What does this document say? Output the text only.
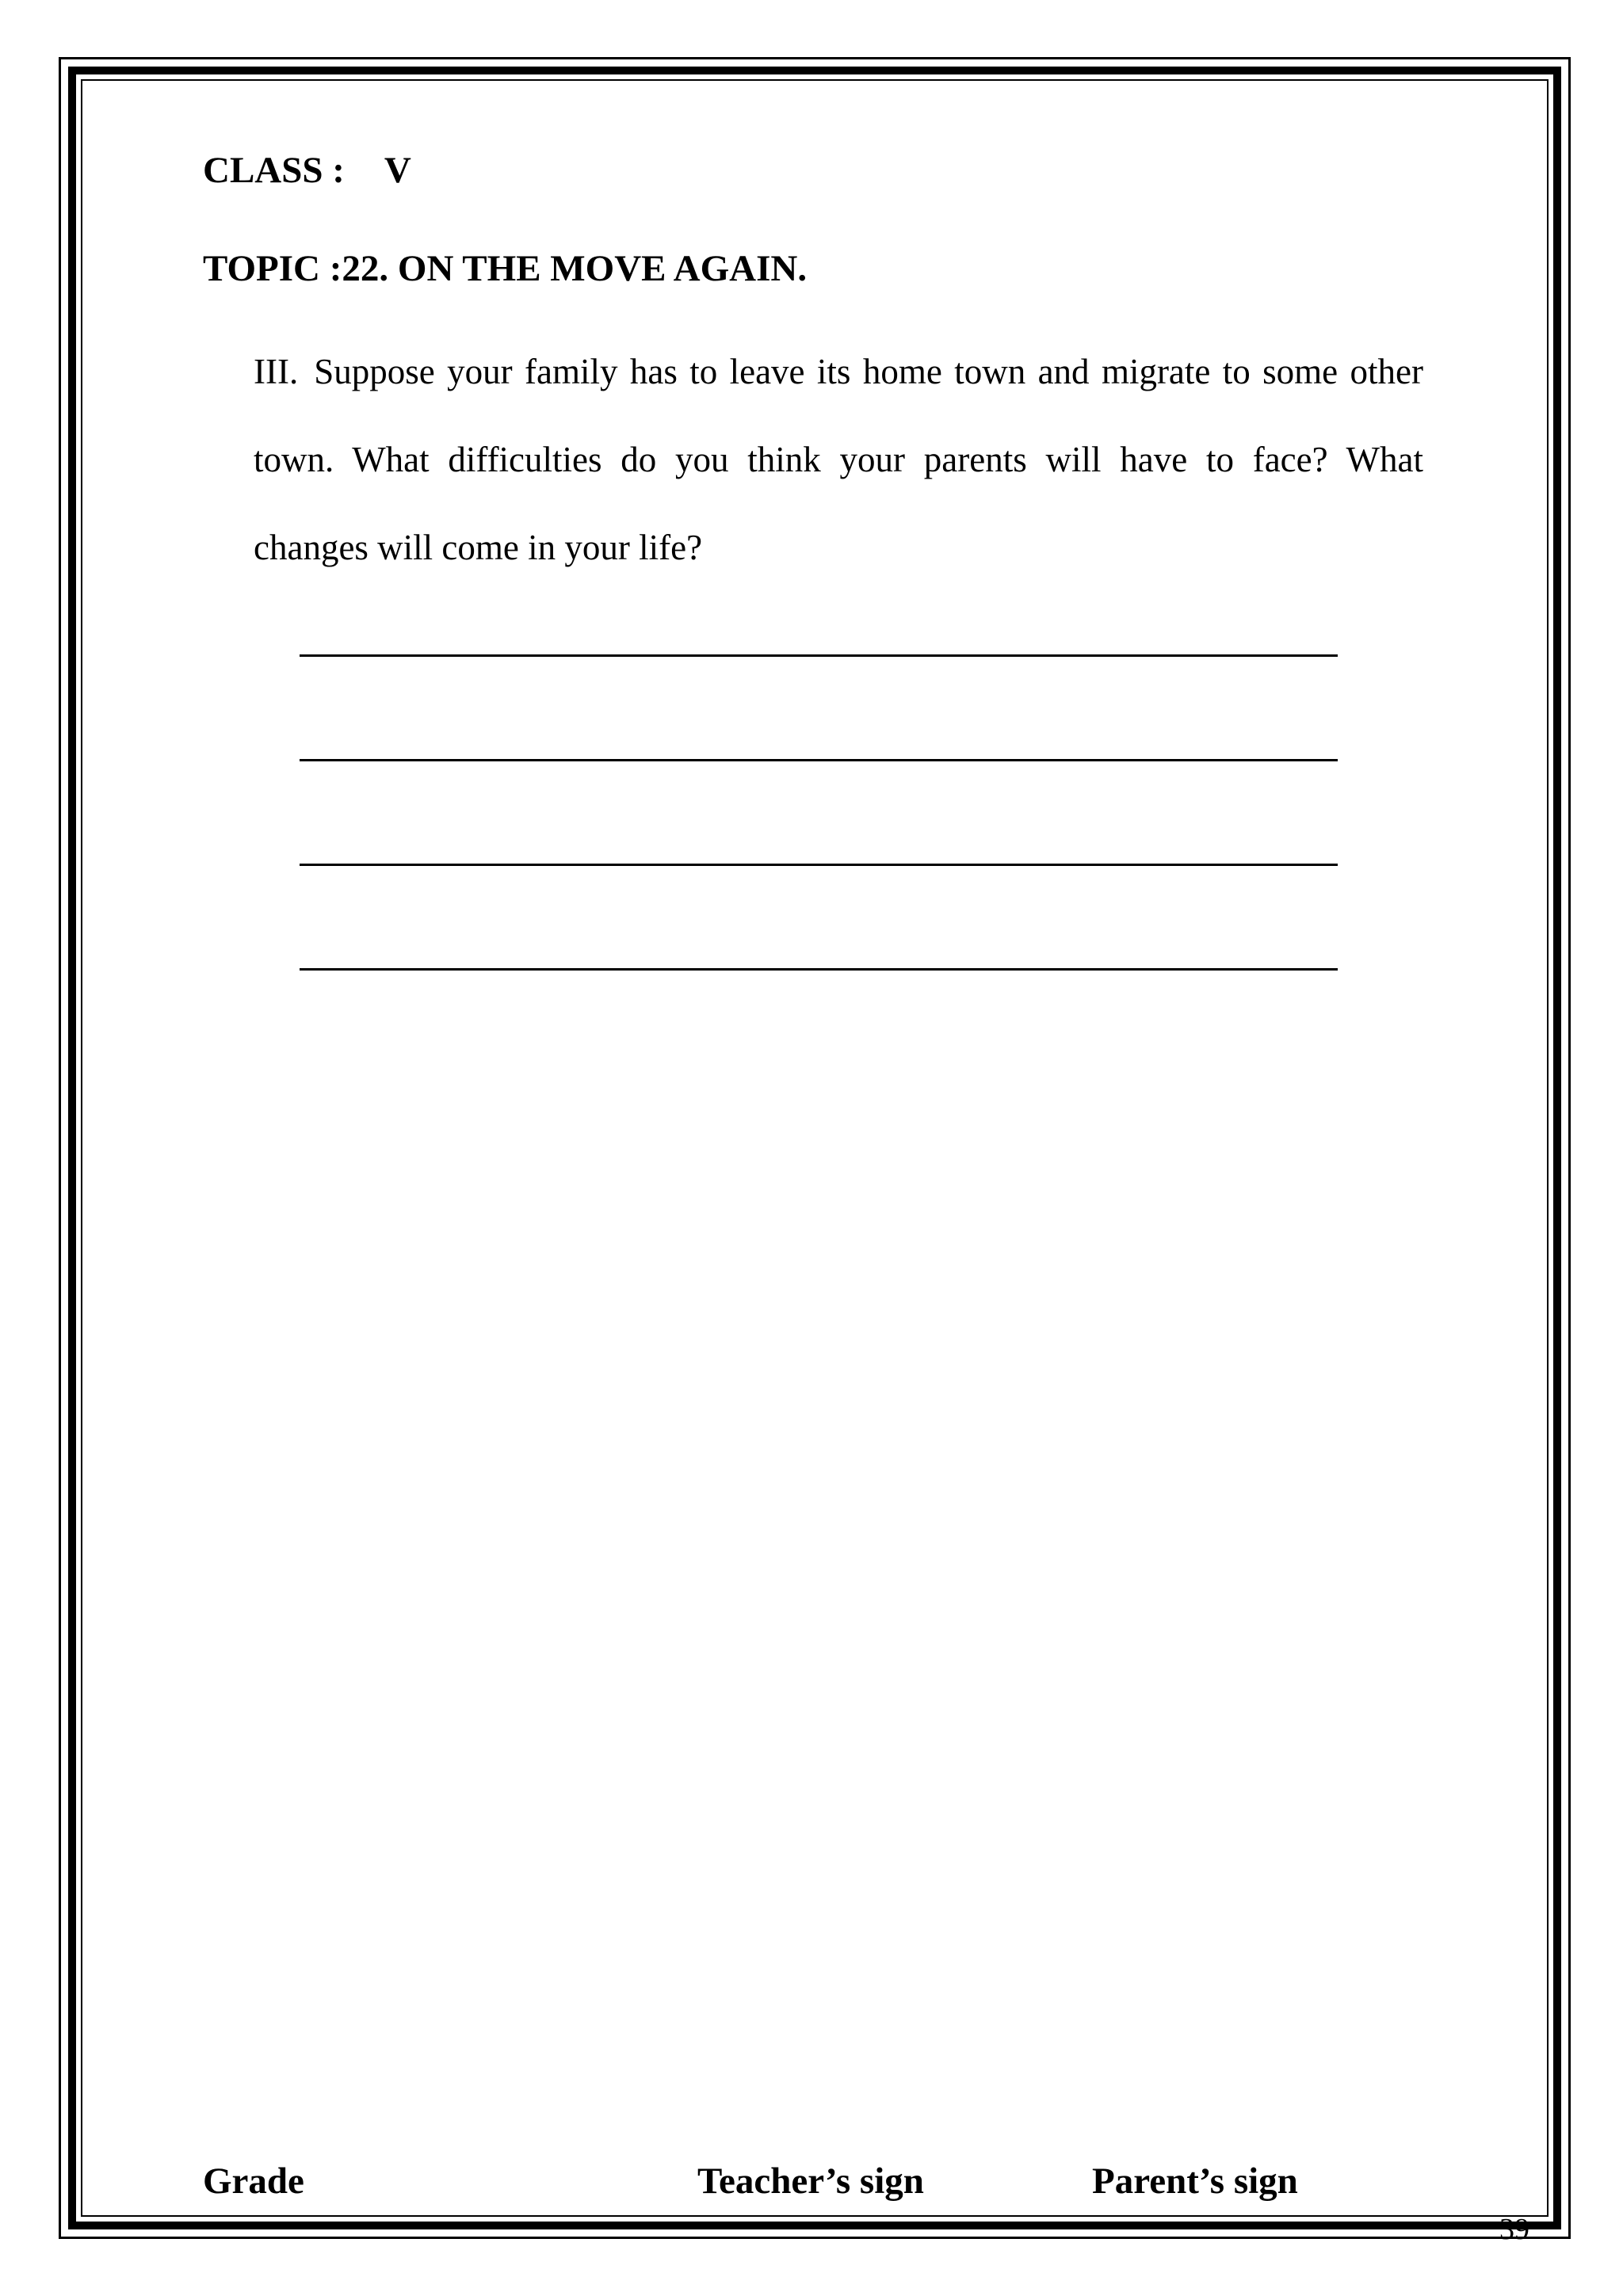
CLASS : V
TOPIC :22. ON THE MOVE AGAIN.
III. Suppose your family has to leave its home town and migrate to some other town. What difficulties do you think your parents will have to face? What changes will come in your life?
Grade	Teacher’s sign	Parent’s sign
39
